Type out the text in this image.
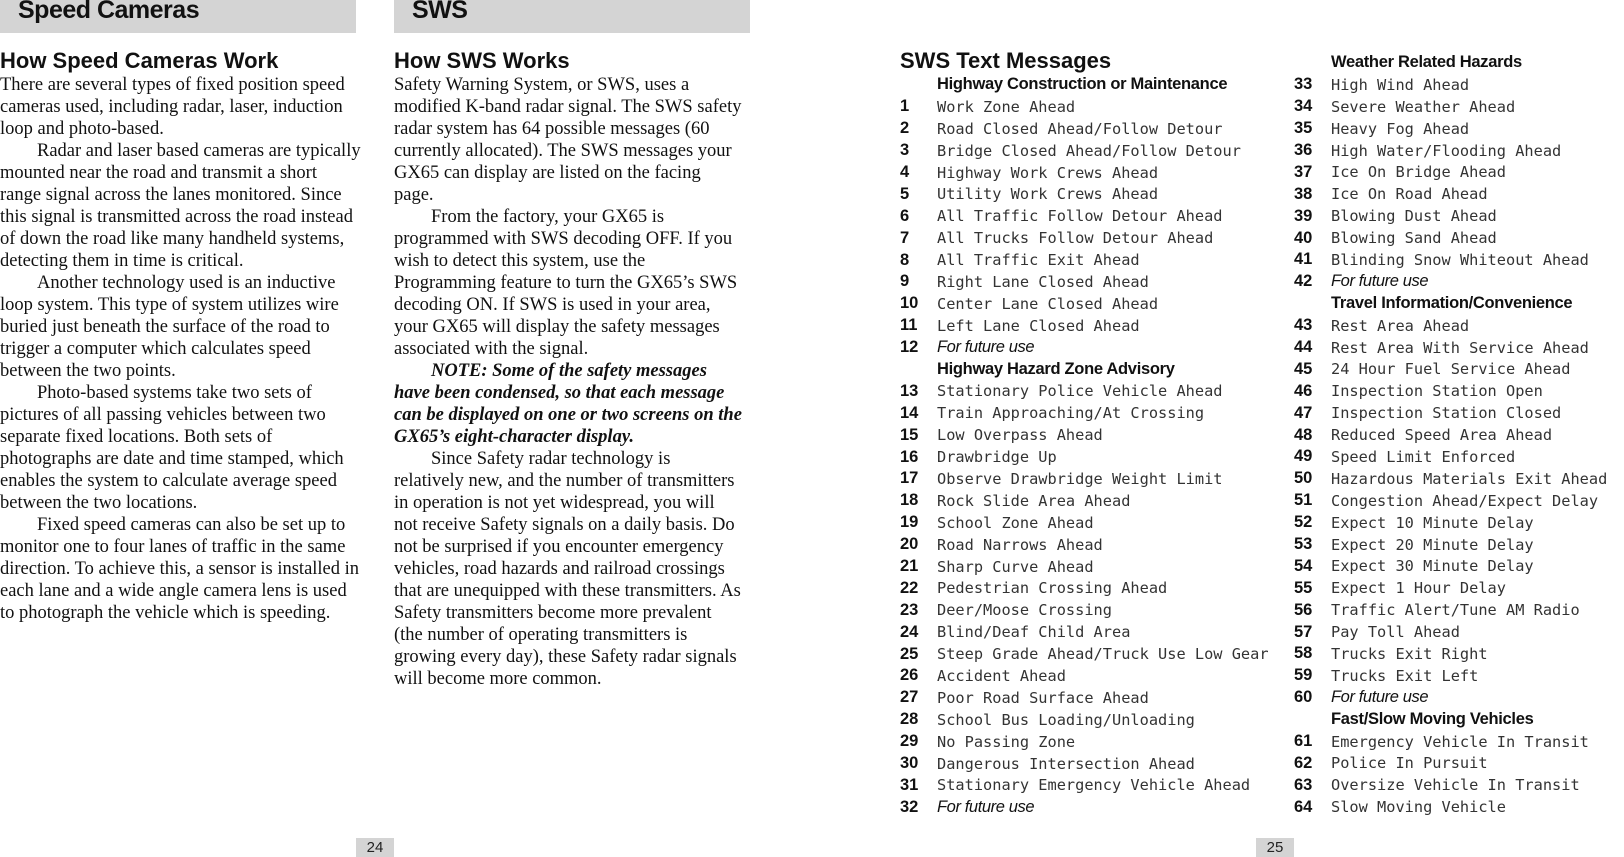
Speed Cameras	SWS
How Speed Cameras Work

There are several types of fixed position speed cameras used, including radar, laser, induction loop and photo-based.

Radar and laser based cameras are typically mounted near the road and transmit a short range signal across the lanes monitored. Since this signal is transmitted across the road instead of down the road like many handheld systems, detecting them in time is critical.

Another technology used is an inductive loop system. This type of system utilizes wire buried just beneath the surface of the road to trigger a computer which calculates speed between the two points.

Photo-based systems take two sets of pictures of all passing vehicles between two separate fixed locations. Both sets of photographs are date and time stamped, which enables the system to calculate average speed between the two locations.

Fixed speed cameras can also be set up to monitor one to four lanes of traffic in the same direction. To achieve this, a sensor is installed in each lane and a wide angle camera lens is used to photograph the vehicle which is speeding.

How SWS Works

Safety Warning System, or SWS, uses a modified K-band radar signal. The SWS safety radar system has 64 possible messages (60 currently allocated). The SWS messages your GX65 can display are listed on the facing page.

From the factory, your GX65 is programmed with SWS decoding OFF. If you wish to detect this system, use the Programming feature to turn the GX65’s SWS decoding ON. If SWS is used in your area, your GX65 will display the safety messages associated with the signal.

NOTE: Some of the safety messages have been condensed, so that each message can be displayed on one or two screens on the GX65’s eight-character display.

Since Safety radar technology is relatively new, and the number of transmitters in operation is not yet widespread, you will not receive Safety signals on a daily basis. Do not be surprised if you encounter emergency vehicles, road hazards and railroad crossings that are unequipped with these transmitters. As Safety transmitters become more prevalent (the number of operating transmitters is growing every day), these Safety radar signals will become more common.

24
SWS Text Messages
Highway Construction or Maintenance
1	Work Zone Ahead
2	Road Closed Ahead/Follow Detour
3	Bridge Closed Ahead/Follow Detour
4	Highway Work Crews Ahead
5	Utility Work Crews Ahead
6	All Traffic Follow Detour Ahead
7	All Trucks Follow Detour Ahead
8	All Traffic Exit Ahead
9	Right Lane Closed Ahead
10	Center Lane Closed Ahead
11	Left Lane Closed Ahead
12	For future use
Highway Hazard Zone Advisory
13	Stationary Police Vehicle Ahead
14	Train Approaching/At Crossing
15	Low Overpass Ahead
16	Drawbridge Up
17	Observe Drawbridge Weight Limit
18	Rock Slide Area Ahead
19	School Zone Ahead
20	Road Narrows Ahead
21	Sharp Curve Ahead
22	Pedestrian Crossing Ahead
23	Deer/Moose Crossing
24	Blind/Deaf Child Area
25	Steep Grade Ahead/Truck Use Low Gear
26	Accident Ahead
27	Poor Road Surface Ahead
28	School Bus Loading/Unloading
29	No Passing Zone
30	Dangerous Intersection Ahead
31	Stationary Emergency Vehicle Ahead
32	For future use
Weather Related Hazards
33	High Wind Ahead
34	Severe Weather Ahead
35	Heavy Fog Ahead
36	High Water/Flooding Ahead
37	Ice On Bridge Ahead
38	Ice On Road Ahead
39	Blowing Dust Ahead
40	Blowing Sand Ahead
41	Blinding Snow Whiteout Ahead
42	For future use
Travel Information/Convenience
43	Rest Area Ahead
44	Rest Area With Service Ahead
45	24 Hour Fuel Service Ahead
46	Inspection Station Open
47	Inspection Station Closed
48	Reduced Speed Area Ahead
49	Speed Limit Enforced
50	Hazardous Materials Exit Ahead
51	Congestion Ahead/Expect Delay
52	Expect 10 Minute Delay
53	Expect 20 Minute Delay
54	Expect 30 Minute Delay
55	Expect 1 Hour Delay
56	Traffic Alert/Tune AM Radio
57	Pay Toll Ahead
58	Trucks Exit Right
59	Trucks Exit Left
60	For future use
Fast/Slow Moving Vehicles
61	Emergency Vehicle In Transit
62	Police In Pursuit
63	Oversize Vehicle In Transit
64	Slow Moving Vehicle
25
